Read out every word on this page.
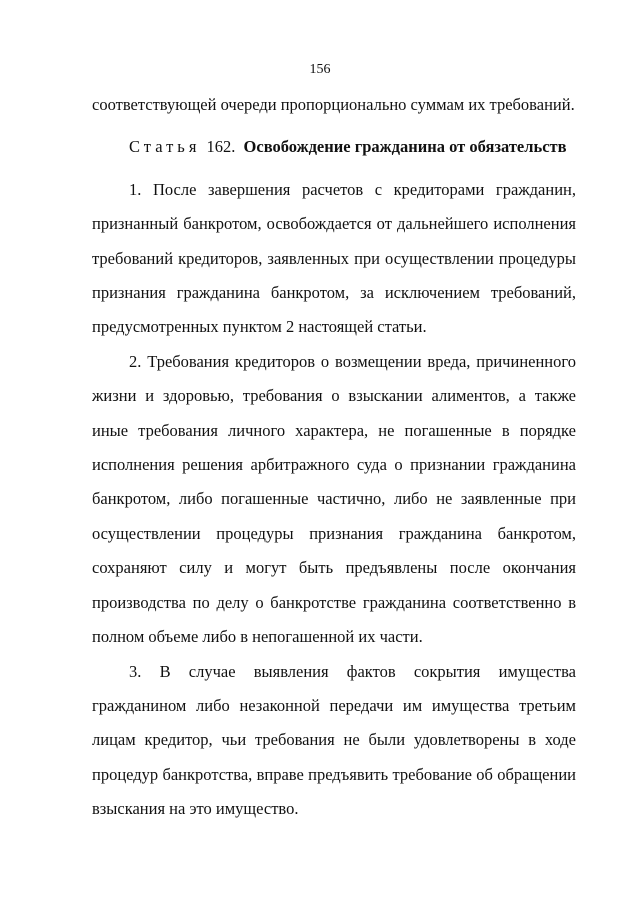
156

соответствующей очереди пропорционально суммам их требований.

Статья 162. Освобождение гражданина от обязательств

1. После завершения расчетов с кредиторами гражданин, признанный банкротом, освобождается от дальнейшего исполнения требований кредиторов, заявленных при осуществлении процедуры признания гражданина банкротом, за исключением требований, предусмотренных пунктом 2 настоящей статьи.

2. Требования кредиторов о возмещении вреда, причиненного жизни и здоровью, требования о взыскании алиментов, а также иные требования личного характера, не погашенные в порядке исполнения решения арбитражного суда о признании гражданина банкротом, либо погашенные частично, либо не заявленные при осуществлении процедуры признания гражданина банкротом, сохраняют силу и могут быть предъявлены после окончания производства по делу о банкротстве гражданина соответственно в полном объеме либо в непогашенной их части.

3. В случае выявления фактов сокрытия имущества гражданином либо незаконной передачи им имущества третьим лицам кредитор, чьи требования не были удовлетворены в ходе процедур банкротства, вправе предъявить требование об обращении взыскания на это имущество.
